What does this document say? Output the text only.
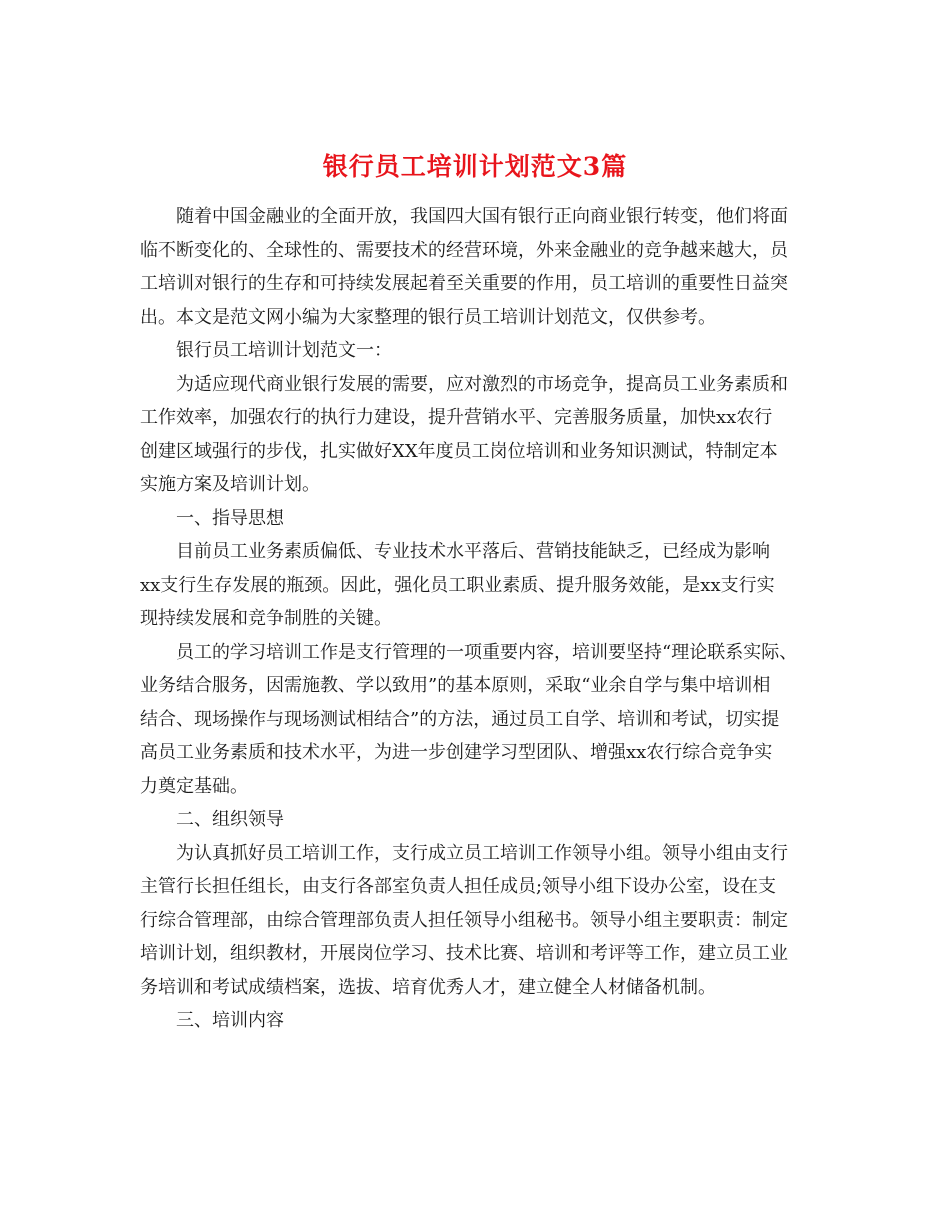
银行员工培训计划范文3篇

随着中国金融业的全面开放，我国四大国有银行正向商业银行转变，他们将面
临不断变化的、全球性的、需要技术的经营环境，外来金融业的竞争越来越大，员
工培训对银行的生存和可持续发展起着至关重要的作用，员工培训的重要性日益突
出。本文是范文网小编为大家整理的银行员工培训计划范文，仅供参考。

银行员工培训计划范文一：

为适应现代商业银行发展的需要，应对激烈的市场竞争，提高员工业务素质和
工作效率，加强农行的执行力建设，提升营销水平、完善服务质量，加快xx农行
创建区域强行的步伐，扎实做好XX年度员工岗位培训和业务知识测试，特制定本
实施方案及培训计划。

一、指导思想

目前员工业务素质偏低、专业技术水平落后、营销技能缺乏，已经成为影响
xx支行生存发展的瓶颈。因此，强化员工职业素质、提升服务效能，是xx支行实
现持续发展和竞争制胜的关键。

员工的学习培训工作是支行管理的一项重要内容，培训要坚持“理论联系实际、
业务结合服务，因需施教、学以致用”的基本原则，采取“业余自学与集中培训相
结合、现场操作与现场测试相结合”的方法，通过员工自学、培训和考试，切实提
高员工业务素质和技术水平，为进一步创建学习型团队、增强xx农行综合竞争实
力奠定基础。

二、组织领导

为认真抓好员工培训工作，支行成立员工培训工作领导小组。领导小组由支行
主管行长担任组长，由支行各部室负责人担任成员;领导小组下设办公室，设在支
行综合管理部，由综合管理部负责人担任领导小组秘书。领导小组主要职责：制定
培训计划，组织教材，开展岗位学习、技术比赛、培训和考评等工作，建立员工业
务培训和考试成绩档案，选拔、培育优秀人才，建立健全人材储备机制。

三、培训内容
